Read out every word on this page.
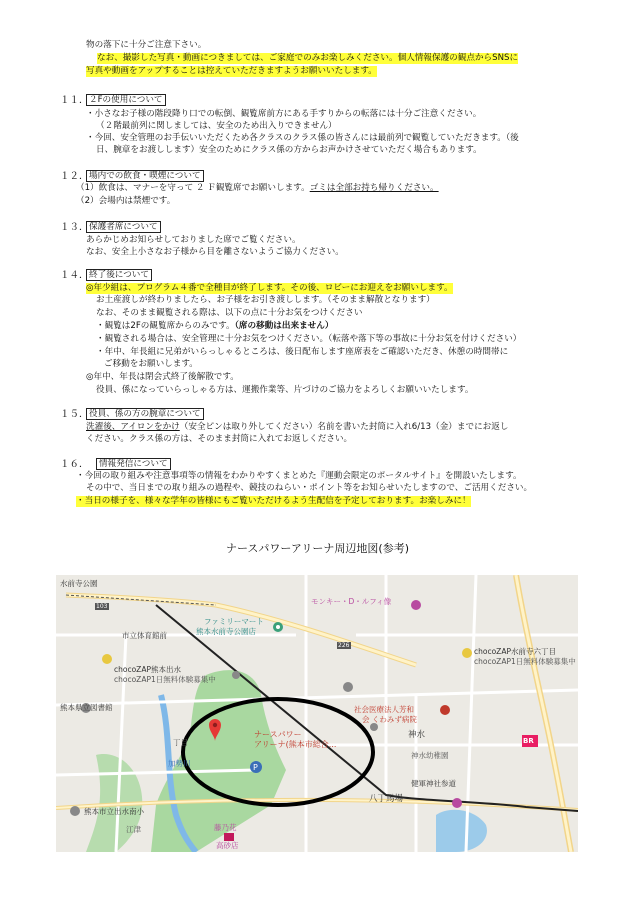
物の落下に十分ご注意下さい。
なお、撮影した写真・動画につきましては、ご家庭でのみお楽しみください。個人情報保護の観点からSNSに
写真や動画をアップすることは控えていただきますようお願いいたします。
１１． ２Fの使用について
・小さなお子様の階段降り口での転倒、観覧席前方にある手すりからの転落には十分ご注意ください。
（２階最前列に関しましては、安全のため出入りできません）
・今回、安全管理のお手伝いいただくため各クラスのクラス係の皆さんには最前列で観覧していただきます。（後
日、腕章をお渡しします）安全のためにクラス係の方からお声かけさせていただく場合もあります。
１２． 場内での飲食・喫煙について
（1）飲食は、マナーを守って ２ Ｆ観覧席でお願いします。ゴミは全部お持ち帰りください。
（2）会場内は禁煙です。
１３． 保護者席について
あらかじめお知らせしておりました席でご覧ください。
なお、安全上小さなお子様から目を離さないようご協力ください。
１４． 終了後について
◎年少組は、プログラム４番で全種目が終了します。その後、ロビーにお迎えをお願いします。
お土産渡しが終わりましたら、お子様をお引き渡しします。（そのまま解散となります）
なお、そのまま観覧される際は、以下の点に十分お気をつけください
・観覧は2Fの観覧席からのみです。（席の移動は出来ません）
・観覧される場合は、安全管理に十分お気をつけください。（転落や落下等の事故に十分お気を付けください）
・年中、年長組に兄弟がいらっしゃるところは、後日配布します座席表をご確認いただき、休憩の時間帯に
ご移動をお願いします。
◎年中、年長は閉会式終了後解散です。
役員、係になっていらっしゃる方は、運搬作業等、片づけのご協力をよろしくお願いいたします。
１５． 役員、係の方の腕章について
洗濯後、アイロンをかけ（安全ピンは取り外してください）名前を書いた封筒に入れ6/13（金）までにお返し
ください。クラス係の方は、そのまま封筒に入れてお返しください。
１６．	情報発信について
・今回の取り組みや注意事項等の情報をわかりやすくまとめた『運動会限定のポータルサイト』を開設いたします。
その中で、当日までの取り組みの過程や、競技のねらい・ポイント等をお知らせいたしますので、ご活用ください。
・当日の様子を、様々な学年の皆様にもご覧いただけるよう生配信を予定しております。お楽しみに！
ナースパワーアリーナ周辺地図(参考)
P
水前寺公園
ファミリーマート
熊本水前寺公園店
モンキー・D・ルフィ像
市立体育館前
chocoZAP熊本出水
chocoZAP1日無料体験募集中
chocoZAP水前寺六丁目
chocoZAP1日無料体験募集中
熊本県立図書館	社会医療法人芳和
会 くわみず病院
ナースパワー
アリーナ(熊本市総合...
神水
神水幼稚園
丁目
健軍神社参道
八丁馬場
熊本市立出水南小
江津	藤乃花
高砂店
加勢川
103
226
BR
